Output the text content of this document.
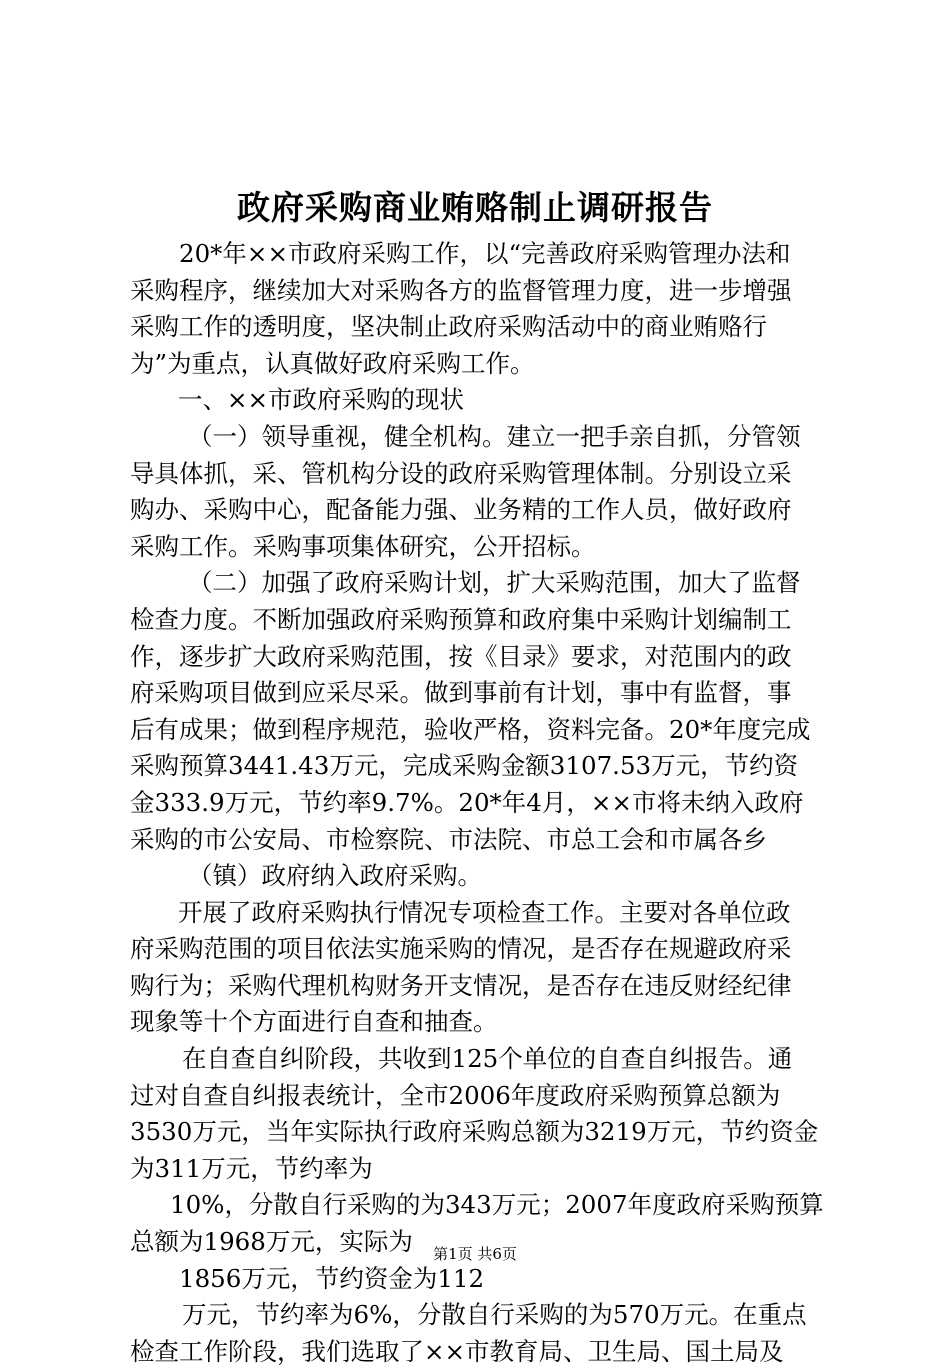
政府采购商业贿赂制止调研报告
20*年××市政府采购工作，以“完善政府采购管理办法和
采购程序，继续加大对采购各方的监督管理力度，进一步增强
采购工作的透明度，坚决制止政府采购活动中的商业贿赂行
为”为重点，认真做好政府采购工作。
一、××市政府采购的现状
（一）领导重视，健全机构。建立一把手亲自抓，分管领
导具体抓，采、管机构分设的政府采购管理体制。分别设立采
购办、采购中心，配备能力强、业务精的工作人员，做好政府
采购工作。采购事项集体研究，公开招标。
（二）加强了政府采购计划，扩大采购范围，加大了监督
检查力度。不断加强政府采购预算和政府集中采购计划编制工
作，逐步扩大政府采购范围，按《目录》要求，对范围内的政
府采购项目做到应采尽采。做到事前有计划，事中有监督，事
后有成果；做到程序规范，验收严格，资料完备。20*年度完成
采购预算3441.43万元，完成采购金额3107.53万元，节约资
金333.9万元，节约率9.7%。20*年4月，××市将未纳入政府
采购的市公安局、市检察院、市法院、市总工会和市属各乡
（镇）政府纳入政府采购。
开展了政府采购执行情况专项检查工作。主要对各单位政
府采购范围的项目依法实施采购的情况，是否存在规避政府采
购行为；采购代理机构财务开支情况，是否存在违反财经纪律
现象等十个方面进行自查和抽查。
在自查自纠阶段，共收到125个单位的自查自纠报告。通
过对自查自纠报表统计，全市2006年度政府采购预算总额为
3530万元，当年实际执行政府采购总额为3219万元，节约资金
为311万元，节约率为
10%，分散自行采购的为343万元；2007年度政府采购预算
总额为1968万元，实际为
1856万元，节约资金为112
万元，节约率为6%，分散自行采购的为570万元。在重点
检查工作阶段，我们选取了××市教育局、卫生局、国土局及
第1页 共6页
